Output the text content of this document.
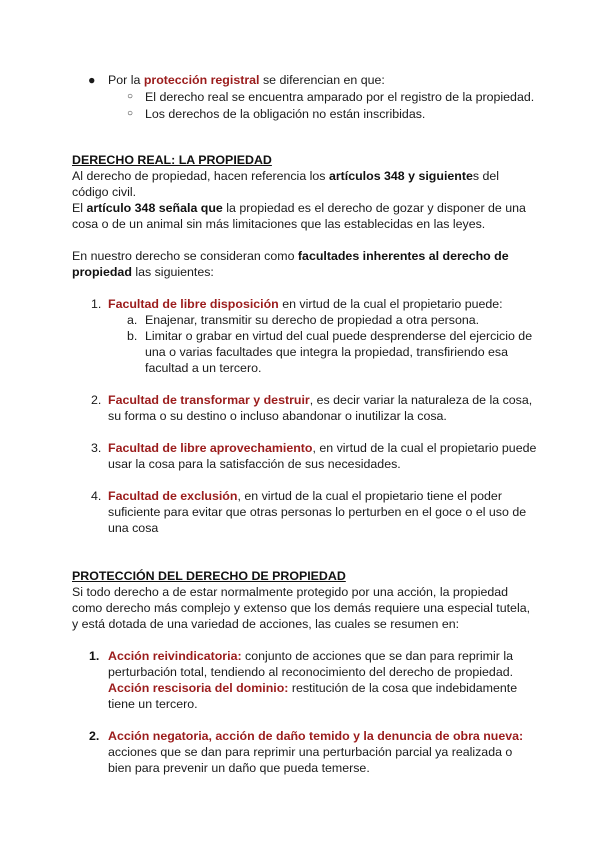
● Por la protección registral se diferencian en que:

○ El derecho real se encuentra amparado por el registro de la propiedad.

○ Los derechos de la obligación no están inscribidas.

DERECHO REAL: LA PROPIEDAD

Al derecho de propiedad, hacen referencia los artículos 348 y siguientes del

código civil.

El artículo 348 señala que la propiedad es el derecho de gozar y disponer de una

cosa o de un animal sin más limitaciones que las establecidas en las leyes.

En nuestro derecho se consideran como facultades inherentes al derecho de

propiedad las siguientes:

1. Facultad de libre disposición en virtud de la cual el propietario puede:

a. Enajenar, transmitir su derecho de propiedad a otra persona.

b. Limitar o grabar en virtud del cual puede desprenderse del ejercicio de

una o varias facultades que integra la propiedad, transfiriendo esa

facultad a un tercero.

2. Facultad de transformar y destruir, es decir variar la naturaleza de la cosa,

su forma o su destino o incluso abandonar o inutilizar la cosa.

3. Facultad de libre aprovechamiento, en virtud de la cual el propietario puede

usar la cosa para la satisfacción de sus necesidades.

4. Facultad de exclusión, en virtud de la cual el propietario tiene el poder

suficiente para evitar que otras personas lo perturben en el goce o el uso de

una cosa

PROTECCIÓN DEL DERECHO DE PROPIEDAD

Si todo derecho a de estar normalmente protegido por una acción, la propiedad

como derecho más complejo y extenso que los demás requiere una especial tutela,

y está dotada de una variedad de acciones, las cuales se resumen en:

1. Acción reivindicatoria: conjunto de acciones que se dan para reprimir la

perturbación total, tendiendo al reconocimiento del derecho de propiedad.

Acción rescisoria del dominio: restitución de la cosa que indebidamente

tiene un tercero.

2. Acción negatoria, acción de daño temido y la denuncia de obra nueva:

acciones que se dan para reprimir una perturbación parcial ya realizada o

bien para prevenir un daño que pueda temerse.
